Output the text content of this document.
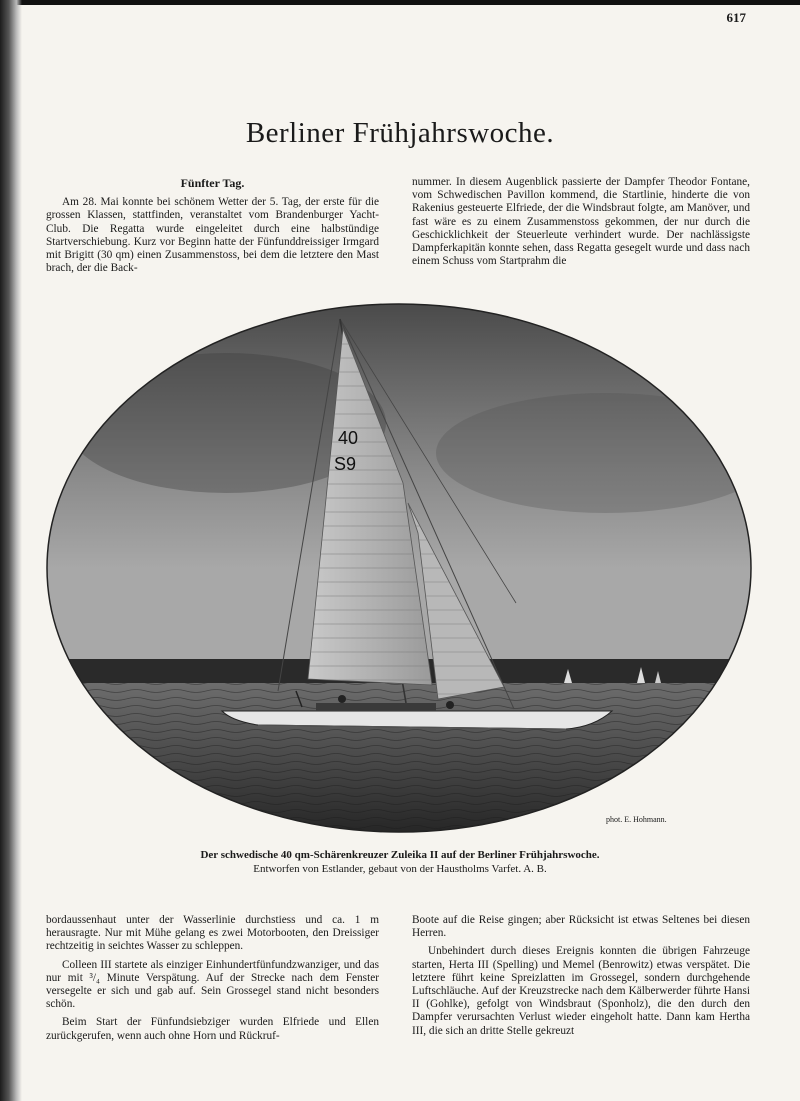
617
Berliner Frühjahrswoche.
Fünfter Tag.

Am 28. Mai konnte bei schönem Wetter der 5. Tag, der erste für die grossen Klassen, stattfinden, veranstaltet vom Brandenburger Yacht-Club. Die Regatta wurde eingeleitet durch eine halbstündige Startverschiebung. Kurz vor Beginn hatte der Fünfunddreissiger Irmgard mit Brigitt (30 qm) einen Zusammenstoss, bei dem die letztere den Mast brach, der die Back-

nummer. In diesem Augenblick passierte der Dampfer Theodor Fontane, vom Schwedischen Pavillon kommend, die Startlinie, hinderte die von Rakenius gesteuerte Elfriede, der die Windsbraut folgte, am Manöver, und fast wäre es zu einem Zusammenstoss gekommen, der nur durch die Geschicklichkeit der Steuerleute verhindert wurde. Der nachlässigste Dampferkapitän konnte sehen, dass Regatta gesegelt wurde und dass nach einem Schuss vom Startprahm die

40
S9
phot. E. Hohmann.
Der schwedische 40 qm-Schärenkreuzer Zuleika II auf der Berliner Frühjahrswoche.
Entworfen von Estlander, gebaut von der Haustholms Varfet. A. B.

bordaussenhaut unter der Wasserlinie durchstiess und ca. 1 m herausragte. Nur mit Mühe gelang es zwei Motorbooten, den Dreissiger rechtzeitig in seichtes Wasser zu schleppen.

Colleen III startete als einziger Einhundertfünfundzwanziger, und das nur mit ³/₄ Minute Verspätung. Auf der Strecke nach dem Fenster versegelte er sich und gab auf. Sein Grossegel stand nicht besonders schön.

Beim Start der Fünfundsiebziger wurden Elfriede und Ellen zurückgerufen, wenn auch ohne Horn und Rückruf-

Boote auf die Reise gingen; aber Rücksicht ist etwas Seltenes bei diesen Herren.

Unbehindert durch dieses Ereignis konnten die übrigen Fahrzeuge starten, Herta III (Spelling) und Memel (Benrowitz) etwas verspätet. Die letztere führt keine Spreizlatten im Grossegel, sondern durchgehende Luftschläuche. Auf der Kreuzstrecke nach dem Kälberwerder führte Hansi II (Gohlke), gefolgt von Windsbraut (Sponholz), die den durch den Dampfer verursachten Verlust wieder eingeholt hatte. Dann kam Hertha III, die sich an dritte Stelle gekreuzt
